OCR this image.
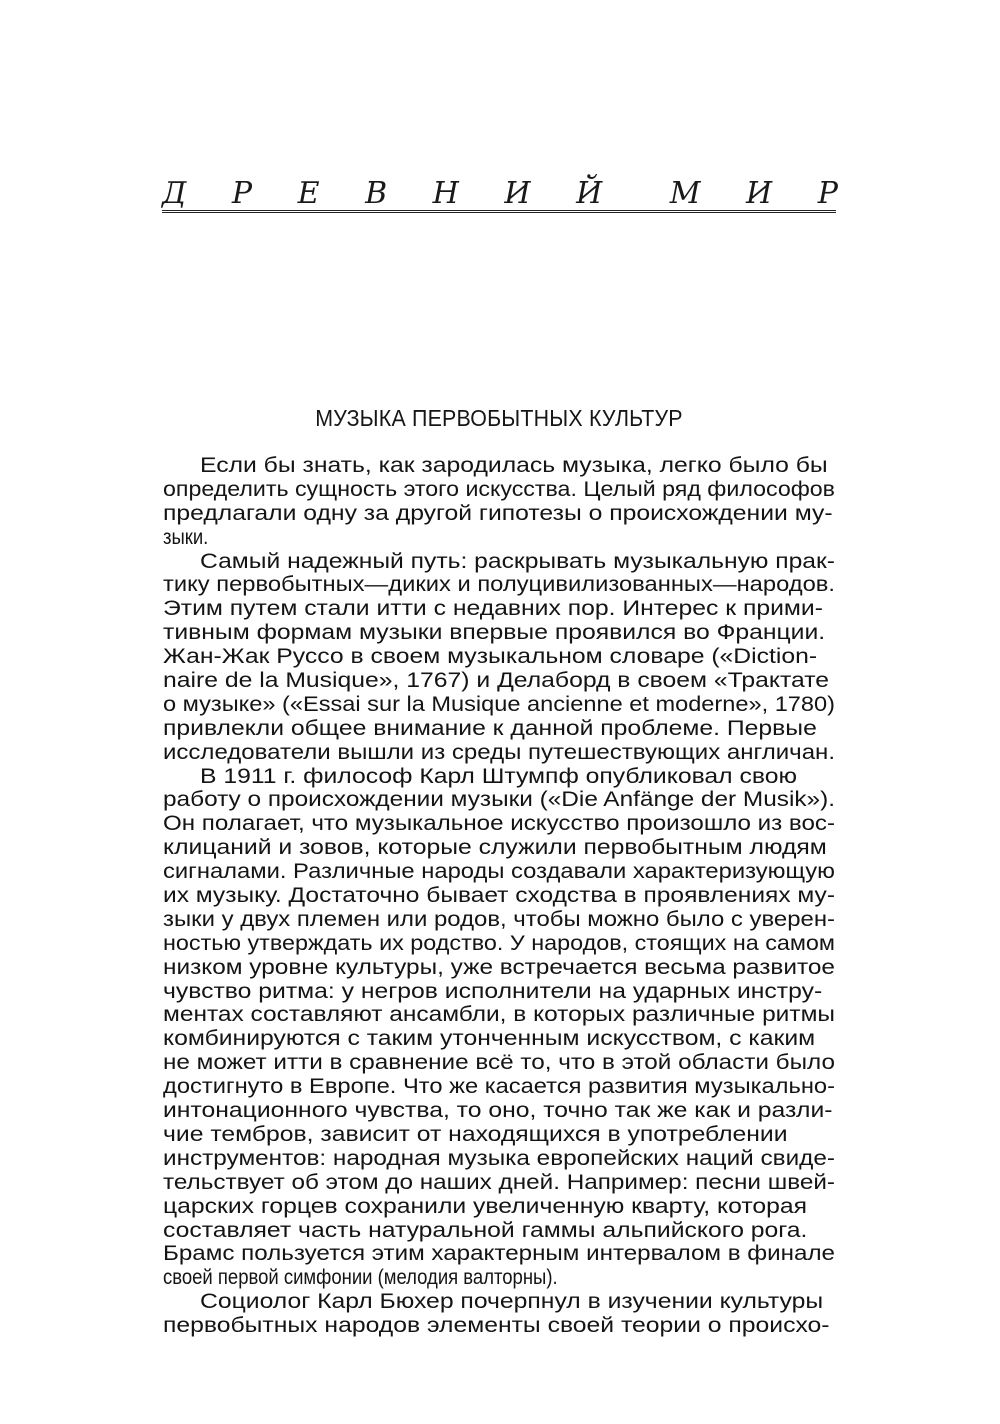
Д Р Е В Н И Й М И Р
МУЗЫКА ПЕРВОБЫТНЫХ КУЛЬТУР
Если бы знать, как зародилась музыка, легко было бы
определить сущность этого искусства. Целый ряд философов
предлагали одну за другой гипотезы о происхождении му-
зыки.
Самый надежный путь: раскрывать музыкальную прак-
тику первобытных—диких и полуцивилизованных—народов.
Этим путем стали итти с недавних пор. Интерес к прими-
тивным формам музыки впервые проявился во Франции.
Жан-Жак Руссо в своем музыкальном словаре («Diction-
naire de la Musique», 1767) и Делаборд в своем «Трактате
о музыке» («Essai sur la Musique ancienne et moderne», 1780)
привлекли общее внимание к данной проблеме. Первые
исследователи вышли из среды путешествующих англичан.
В 1911 г. философ Карл Штумпф опубликовал свою
работу о происхождении музыки («Die Anfänge der Musik»).
Он полагает, что музыкальное искусство произошло из вос-
клицаний и зовов, которые служили первобытным людям
сигналами. Различные народы создавали характеризующую
их музыку. Достаточно бывает сходства в проявлениях му-
зыки у двух племен или родов, чтобы можно было с уверен-
ностью утверждать их родство. У народов, стоящих на самом
низком уровне культуры, уже встречается весьма развитое
чувство ритма: у негров исполнители на ударных инстру-
ментах составляют ансамбли, в которых различные ритмы
комбинируются с таким утонченным искусством, с каким
не может итти в сравнение всё то, что в этой области было
достигнуто в Европе. Что же касается развития музыкально-
интонационного чувства, то оно, точно так же как и разли-
чие тембров, зависит от находящихся в употреблении
инструментов: народная музыка европейских наций свиде-
тельствует об этом до наших дней. Например: песни швей-
царских горцев сохранили увеличенную кварту, которая
составляет часть натуральной гаммы альпийского рога.
Брамс пользуется этим характерным интервалом в финале
своей первой симфонии (мелодия валторны).
Социолог Карл Бюхер почерпнул в изучении культуры
первобытных народов элементы своей теории о происхо-
